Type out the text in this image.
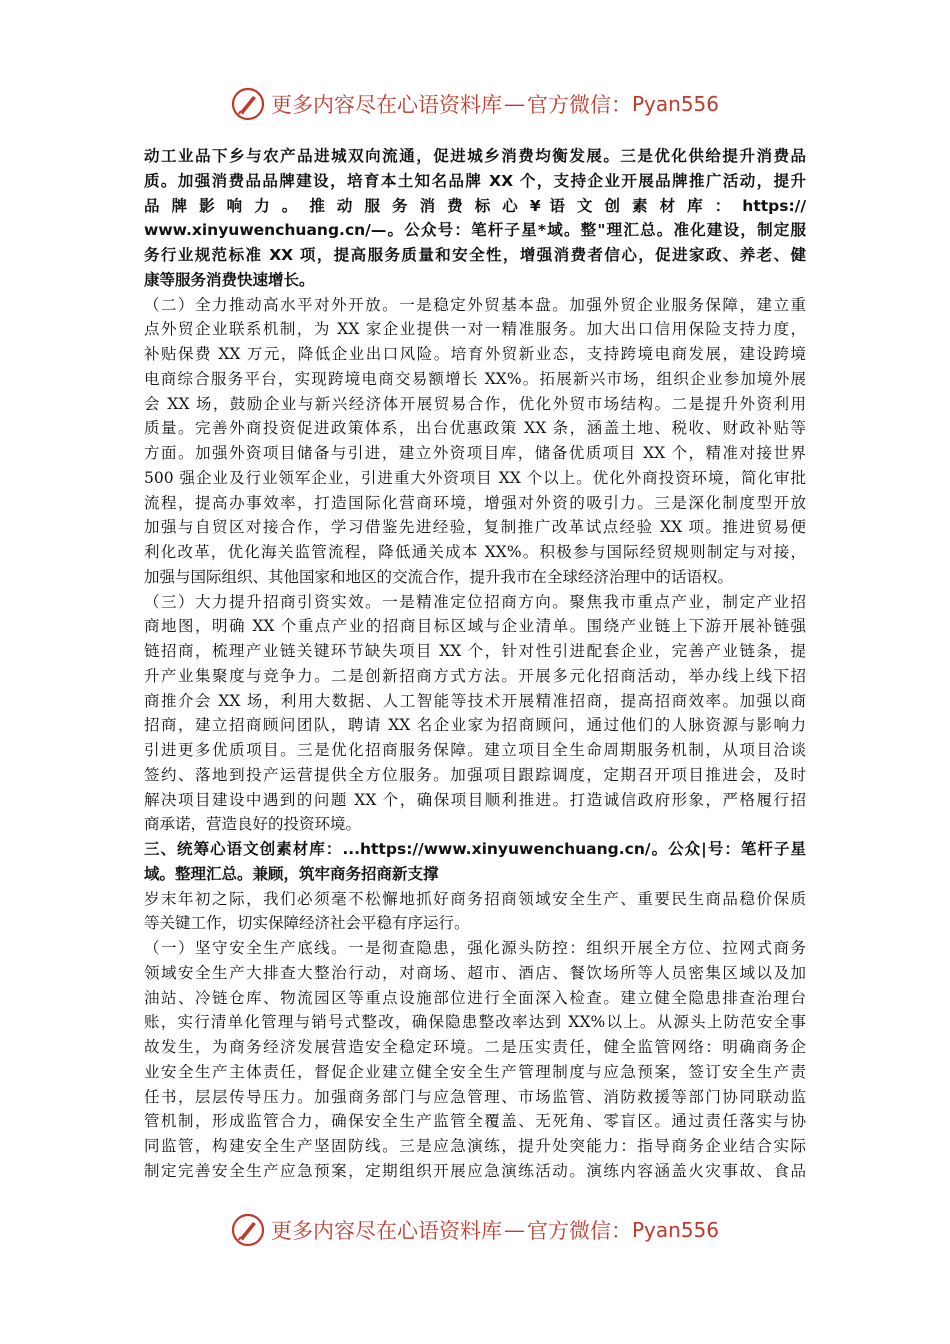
更多内容尽在心语资料库 — 官方微信： Pyan556
动工业品下乡与农产品进城双向流通，促进城乡消费均衡发展。三是优化供给提升消费品
质。加强消费品品牌建设，培育本土知名品牌 XX 个，支持企业开展品牌推广活动，提升
品 牌 影 响 力 。 推 动 服 务 消 费 标 心 ¥ 语 文 创 素 材 库 ： https://
www.xinyuwenchuang.cn/—。公众号：笔杆子星*域。整"理汇总。准化建设，制定服
务行业规范标准 XX 项，提高服务质量和安全性，增强消费者信心，促进家政、养老、健
康等服务消费快速增长。
（二）全力推动高水平对外开放。一是稳定外贸基本盘。加强外贸企业服务保障，建立重
点外贸企业联系机制，为 XX 家企业提供一对一精准服务。加大出口信用保险支持力度，
补贴保费 XX 万元，降低企业出口风险。培育外贸新业态，支持跨境电商发展，建设跨境
电商综合服务平台，实现跨境电商交易额增长 XX%。拓展新兴市场，组织企业参加境外展
会 XX 场，鼓励企业与新兴经济体开展贸易合作，优化外贸市场结构。二是提升外资利用
质量。完善外商投资促进政策体系，出台优惠政策 XX 条，涵盖土地、税收、财政补贴等
方面。加强外资项目储备与引进，建立外资项目库，储备优质项目 XX 个，精准对接世界
500 强企业及行业领军企业，引进重大外资项目 XX 个以上。优化外商投资环境，简化审批
流程，提高办事效率，打造国际化营商环境，增强对外资的吸引力。三是深化制度型开放
加强与自贸区对接合作，学习借鉴先进经验，复制推广改革试点经验 XX 项。推进贸易便
利化改革，优化海关监管流程，降低通关成本 XX%。积极参与国际经贸规则制定与对接，
加强与国际组织、其他国家和地区的交流合作，提升我市在全球经济治理中的话语权。
（三）大力提升招商引资实效。一是精准定位招商方向。聚焦我市重点产业，制定产业招
商地图，明确 XX 个重点产业的招商目标区域与企业清单。围绕产业链上下游开展补链强
链招商，梳理产业链关键环节缺失项目 XX 个，针对性引进配套企业，完善产业链条，提
升产业集聚度与竞争力。二是创新招商方式方法。开展多元化招商活动，举办线上线下招
商推介会 XX 场，利用大数据、人工智能等技术开展精准招商，提高招商效率。加强以商
招商，建立招商顾问团队，聘请 XX 名企业家为招商顾问，通过他们的人脉资源与影响力
引进更多优质项目。三是优化招商服务保障。建立项目全生命周期服务机制，从项目洽谈
签约、落地到投产运营提供全方位服务。加强项目跟踪调度，定期召开项目推进会，及时
解决项目建设中遇到的问题 XX 个，确保项目顺利推进。打造诚信政府形象，严格履行招
商承诺，营造良好的投资环境。
三、统筹心语文创素材库：...https://www.xinyuwenchuang.cn/。公众|号：笔杆子星
域。整理汇总。兼顾，筑牢商务招商新支撑
岁末年初之际，我们必须毫不松懈地抓好商务招商领域安全生产、重要民生商品稳价保质
等关键工作，切实保障经济社会平稳有序运行。
（一）坚守安全生产底线。一是彻查隐患，强化源头防控：组织开展全方位、拉网式商务
领域安全生产大排查大整治行动，对商场、超市、酒店、餐饮场所等人员密集区域以及加
油站、冷链仓库、物流园区等重点设施部位进行全面深入检查。建立健全隐患排查治理台
账，实行清单化管理与销号式整改，确保隐患整改率达到 XX%以上。从源头上防范安全事
故发生，为商务经济发展营造安全稳定环境。二是压实责任，健全监管网络：明确商务企
业安全生产主体责任，督促企业建立健全安全生产管理制度与应急预案，签订安全生产责
任书，层层传导压力。加强商务部门与应急管理、市场监管、消防救援等部门协同联动监
管机制，形成监管合力，确保安全生产监管全覆盖、无死角、零盲区。通过责任落实与协
同监管，构建安全生产坚固防线。三是应急演练，提升处突能力：指导商务企业结合实际
制定完善安全生产应急预案，定期组织开展应急演练活动。演练内容涵盖火灾事故、食品
更多内容尽在心语资料库 — 官方微信： Pyan556
